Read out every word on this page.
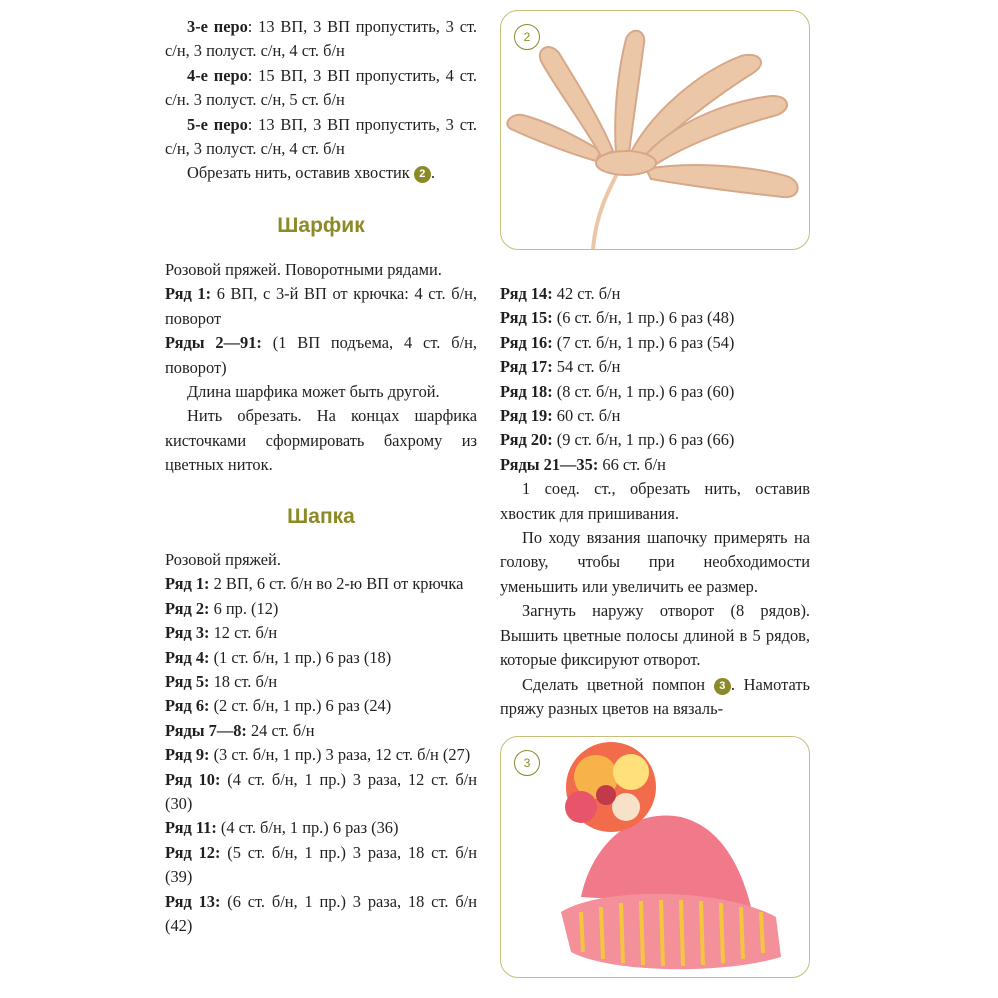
3-е перо: 13 ВП, 3 ВП пропустить, 3 ст. с/н, 3 полуст. с/н, 4 ст. б/н

4-е перо: 15 ВП, 3 ВП пропустить, 4 ст. с/н. 3 полуст. с/н, 5 ст. б/н

5-е перо: 13 ВП, 3 ВП пропустить, 3 ст. с/н, 3 полуст. с/н, 4 ст. б/н

Обрезать нить, оставив хвостик 2 .

Шарфик

Розовой пряжей. Поворотными рядами.

Ряд 1: 6 ВП, с 3-й ВП от крючка: 4 ст. б/н, поворот

Ряды 2—91: (1 ВП подъема, 4 ст. б/н, поворот)

Длина шарфика может быть другой.

Нить обрезать. На концах шарфика кисточками сформировать бахрому из цветных ниток.

Шапка

Розовой пряжей.

Ряд 1: 2 ВП, 6 ст. б/н во 2-ю ВП от крючка

Ряд 2: 6 пр. (12)

Ряд 3: 12 ст. б/н

Ряд 4: (1 ст. б/н, 1 пр.) 6 раз (18)

Ряд 5: 18 ст. б/н

Ряд 6: (2 ст. б/н, 1 пр.) 6 раз (24)

Ряды 7—8: 24 ст. б/н

Ряд 9: (3 ст. б/н, 1 пр.) 3 раза, 12 ст. б/н (27)

Ряд 10: (4 ст. б/н, 1 пр.) 3 раза, 12 ст. б/н (30)

Ряд 11: (4 ст. б/н, 1 пр.) 6 раз (36)

Ряд 12: (5 ст. б/н, 1 пр.) 3 раза, 18 ст. б/н (39)

Ряд 13: (6 ст. б/н, 1 пр.) 3 раза, 18 ст. б/н (42)

2

Ряд 14: 42 ст. б/н

Ряд 15: (6 ст. б/н, 1 пр.) 6 раз (48)

Ряд 16: (7 ст. б/н, 1 пр.) 6 раз (54)

Ряд 17: 54 ст. б/н

Ряд 18: (8 ст. б/н, 1 пр.) 6 раз (60)

Ряд 19: 60 ст. б/н

Ряд 20: (9 ст. б/н, 1 пр.) 6 раз (66)

Ряды 21—35: 66 ст. б/н

1 соед. ст., обрезать нить, оставив хвостик для пришивания.

По ходу вязания шапочку примерять на голову, чтобы при необходимости уменьшить или увеличить ее размер.

Загнуть наружу отворот (8 рядов). Вышить цветные полосы длиной в 5 рядов, которые фиксируют отворот.

Сделать цветной помпон 3 . Намотать пряжу разных цветов на вязаль-

3
